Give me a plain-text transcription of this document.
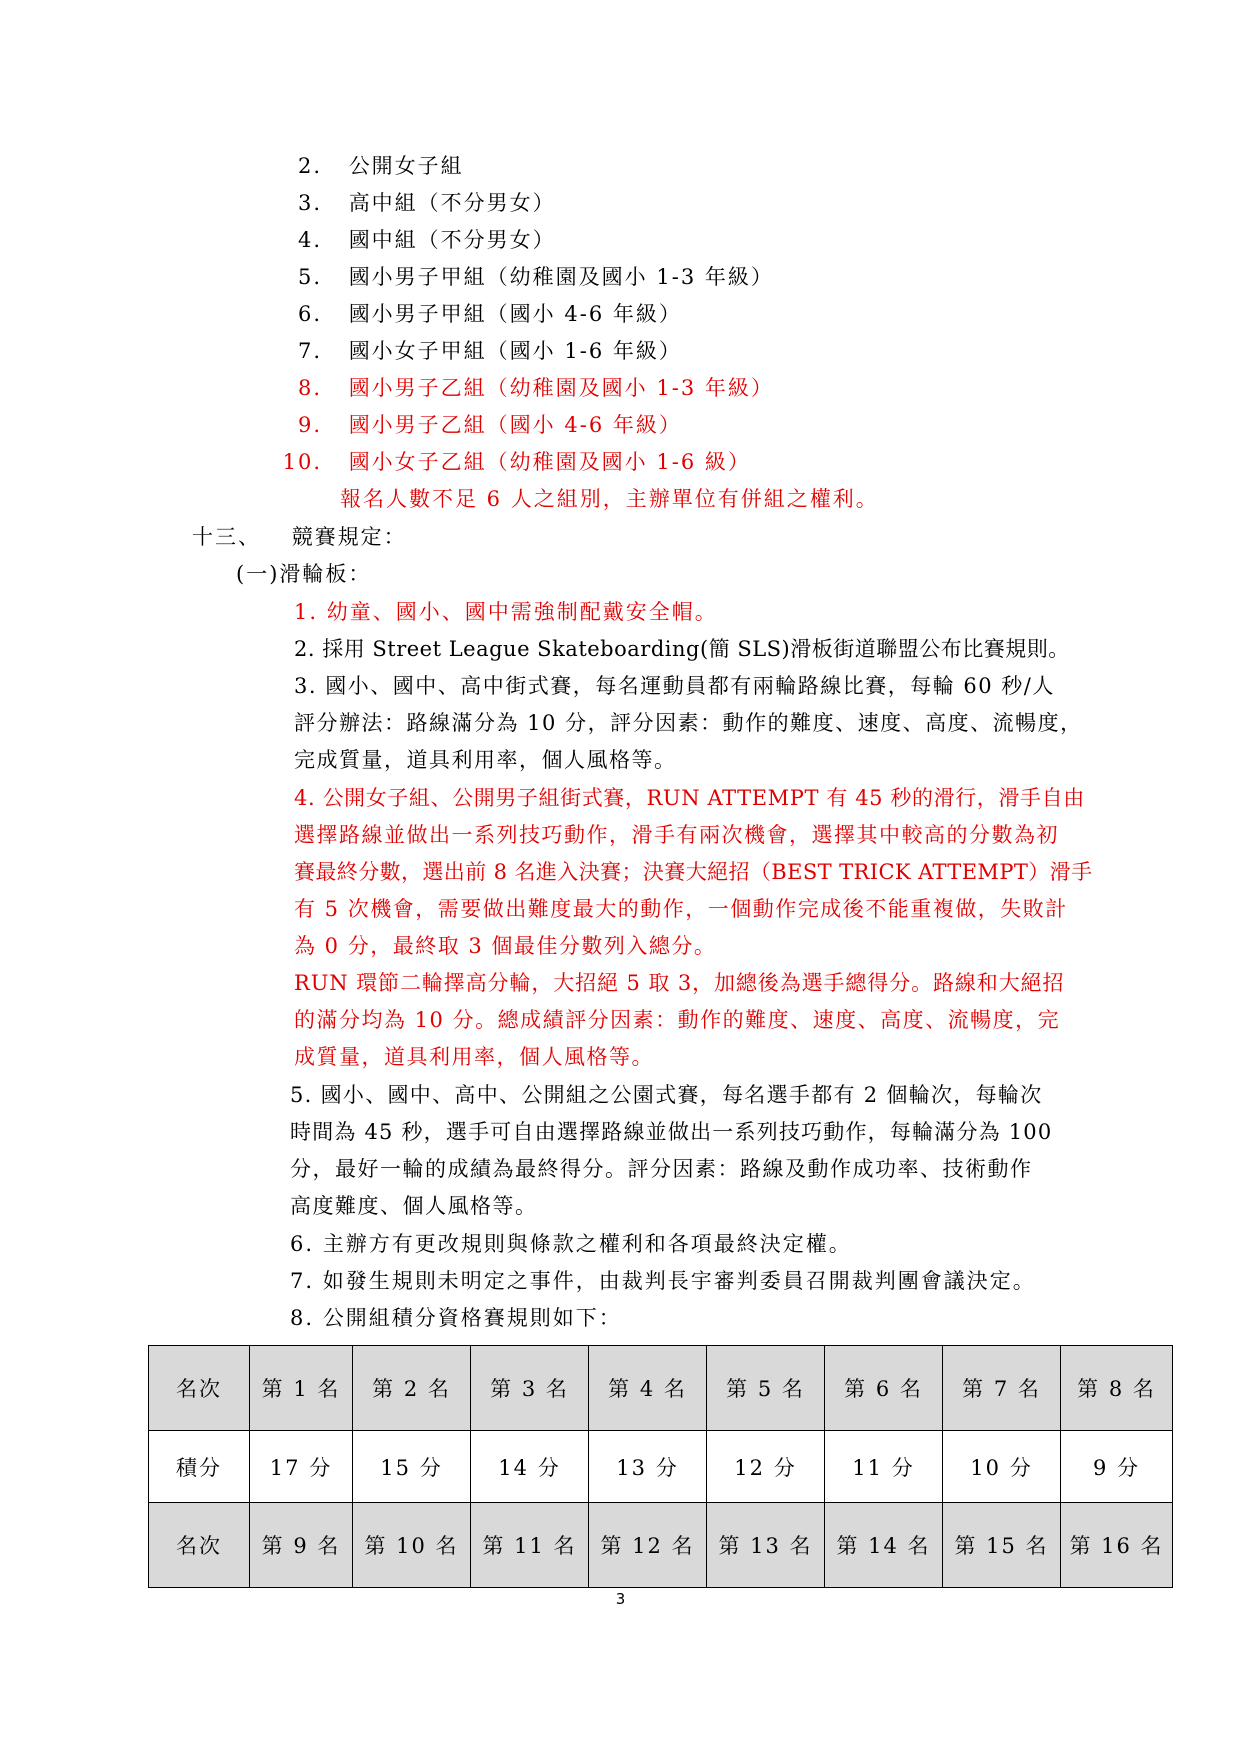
2. 公開女子組
3. 高中組（不分男女）
4. 國中組（不分男女）
5. 國小男子甲組（幼稚園及國小 1-3 年級）
6. 國小男子甲組（國小 4-6 年級）
7. 國小女子甲組（國小 1-6 年級）
8. 國小男子乙組（幼稚園及國小 1-3 年級）
9. 國小男子乙組（國小 4-6 年級）
10. 國小女子乙組（幼稚園及國小 1-6 級）
報名人數不足 6 人之組別，主辦單位有併組之權利。
十三、 競賽規定：
(一)滑輪板：
1. 幼童、國小、國中需強制配戴安全帽。
2. 採用 Street League Skateboarding(簡 SLS)滑板街道聯盟公布比賽規則。
3. 國小、國中、高中街式賽，每名運動員都有兩輪路線比賽，每輪 60 秒/人
評分辦法：路線滿分為 10 分，評分因素：動作的難度、速度、高度、流暢度，
完成質量，道具利用率，個人風格等。
4. 公開女子組、公開男子組街式賽，RUN ATTEMPT 有 45 秒的滑行，滑手自由
選擇路線並做出一系列技巧動作，滑手有兩次機會，選擇其中較高的分數為初
賽最終分數，選出前 8 名進入決賽；決賽大絕招（BEST TRICK ATTEMPT）滑手
有 5 次機會，需要做出難度最大的動作，一個動作完成後不能重複做，失敗計
為 0 分，最終取 3 個最佳分數列入總分。
RUN 環節二輪擇高分輪，大招絕 5 取 3，加總後為選手總得分。路線和大絕招
的滿分均為 10 分。總成績評分因素：動作的難度、速度、高度、流暢度，完
成質量，道具利用率，個人風格等。
5. 國小、國中、高中、公開組之公園式賽，每名選手都有 2 個輪次，每輪次
時間為 45 秒，選手可自由選擇路線並做出一系列技巧動作，每輪滿分為 100
分，最好一輪的成績為最終得分。評分因素：路線及動作成功率、技術動作
高度難度、個人風格等。
6. 主辦方有更改規則與條款之權利和各項最終決定權。
7. 如發生規則未明定之事件，由裁判長宇審判委員召開裁判團會議決定。
8. 公開組積分資格賽規則如下：
名次	第 1 名	第 2 名	第 3 名	第 4 名	第 5 名	第 6 名	第 7 名	第 8 名
積分	17 分	15 分	14 分	13 分	12 分	11 分	10 分	9 分
名次	第 9 名	第 10 名	第 11 名	第 12 名	第 13 名	第 14 名	第 15 名	第 16 名
3
